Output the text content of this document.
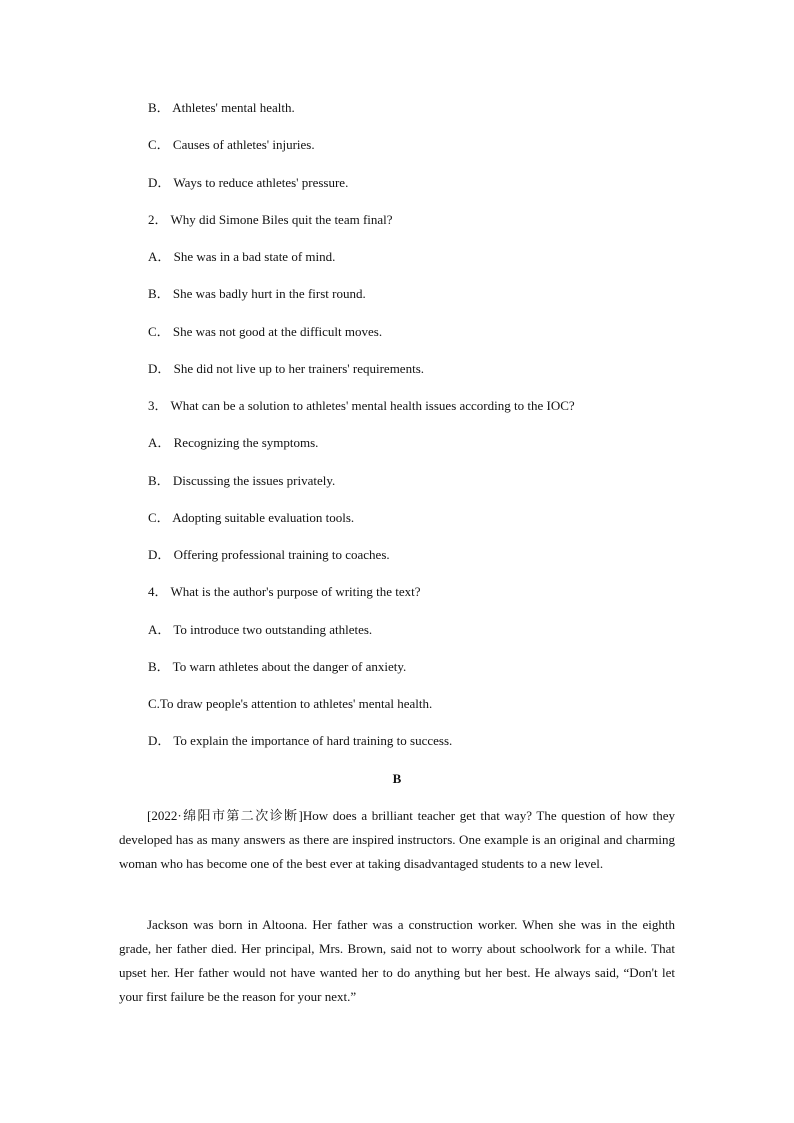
B． Athletes' mental health.
C． Causes of athletes' injuries.
D． Ways to reduce athletes' pressure.
2． Why did Simone Biles quit the team final?
A． She was in a bad state of mind.
B． She was badly hurt in the first round.
C． She was not good at the difficult moves.
D． She did not live up to her trainers' requirements.
3． What can be a solution to athletes' mental health issues according to the IOC?
A． Recognizing the symptoms.
B． Discussing the issues privately.
C． Adopting suitable evaluation tools.
D． Offering professional training to coaches.
4． What is the author's purpose of writing the text?
A． To introduce two outstanding athletes.
B． To warn athletes about the danger of anxiety.
C.To draw people's attention to athletes' mental health.
D． To explain the importance of hard training to success.
B

[2022·绵阳市第二次诊断]How does a brilliant teacher get that way? The question of how they developed has as many answers as there are inspired instructors. One example is an original and charming woman who has become one of the best ever at taking disadvantaged students to a new level.

Jackson was born in Altoona. Her father was a construction worker. When she was in the eighth grade, her father died. Her principal, Mrs. Brown, said not to worry about schoolwork for a while. That upset her. Her father would not have wanted her to do anything but her best. He always said, “Don't let your first failure be the reason for your next.”
